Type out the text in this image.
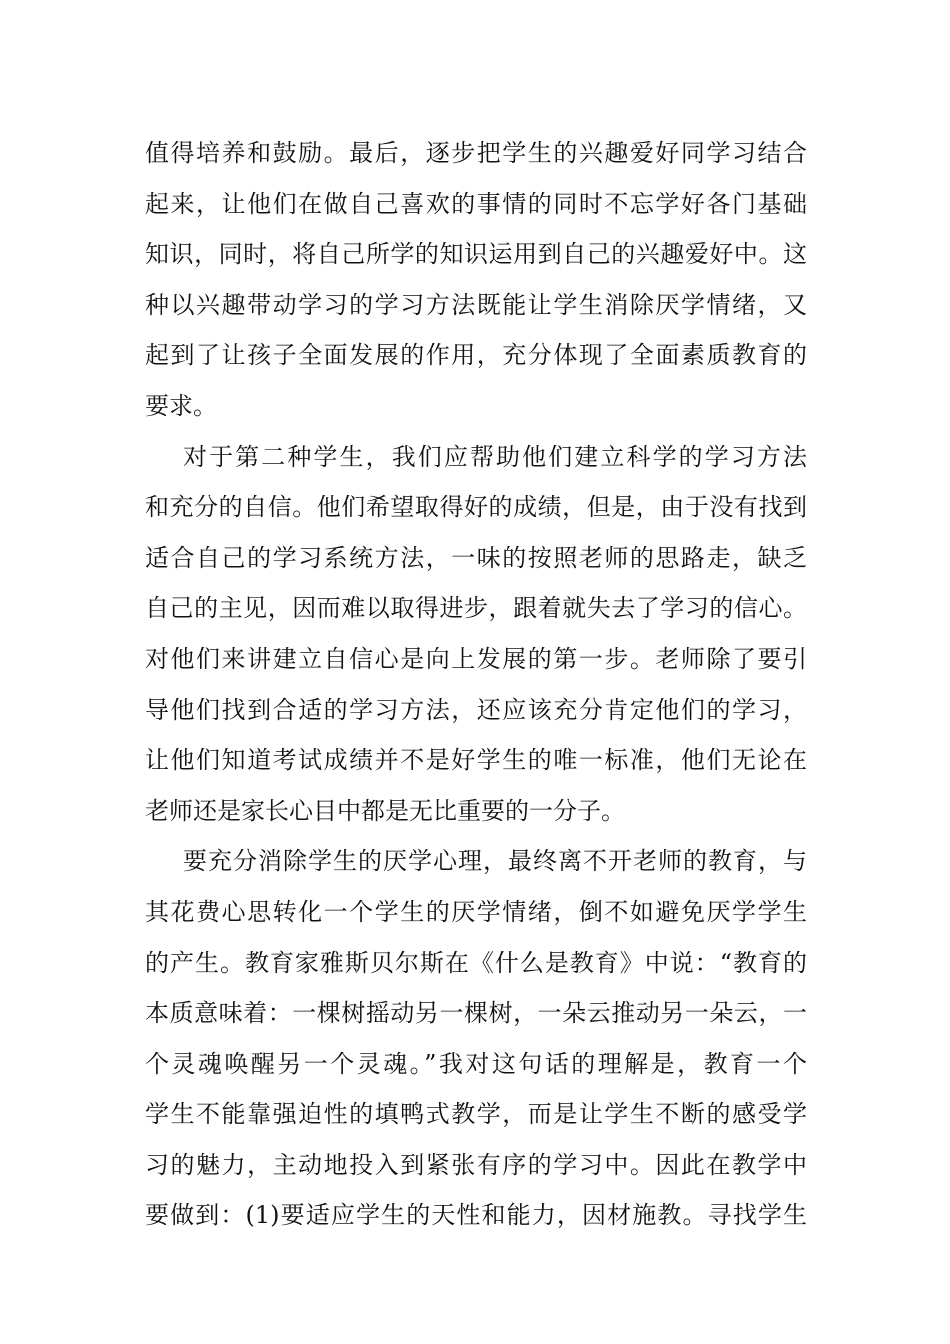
值得培养和鼓励。最后，逐步把学生的兴趣爱好同学习结合
起来，让他们在做自己喜欢的事情的同时不忘学好各门基础
知识，同时，将自己所学的知识运用到自己的兴趣爱好中。这
种以兴趣带动学习的学习方法既能让学生消除厌学情绪，又
起到了让孩子全面发展的作用，充分体现了全面素质教育的
要求。
对于第二种学生，我们应帮助他们建立科学的学习方法
和充分的自信。他们希望取得好的成绩，但是，由于没有找到
适合自己的学习系统方法，一味的按照老师的思路走，缺乏
自己的主见，因而难以取得进步，跟着就失去了学习的信心。
对他们来讲建立自信心是向上发展的第一步。老师除了要引
导他们找到合适的学习方法，还应该充分肯定他们的学习，
让他们知道考试成绩并不是好学生的唯一标准，他们无论在
老师还是家长心目中都是无比重要的一分子。
要充分消除学生的厌学心理，最终离不开老师的教育，与
其花费心思转化一个学生的厌学情绪，倒不如避免厌学学生
的产生。教育家雅斯贝尔斯在《什么是教育》中说：“教育的
本质意味着：一棵树摇动另一棵树，一朵云推动另一朵云，一
个灵魂唤醒另一个灵魂。”我对这句话的理解是，教育一个
学生不能靠强迫性的填鸭式教学，而是让学生不断的感受学
习的魅力，主动地投入到紧张有序的学习中。因此在教学中
要做到：(1)要适应学生的天性和能力，因材施教。寻找学生
